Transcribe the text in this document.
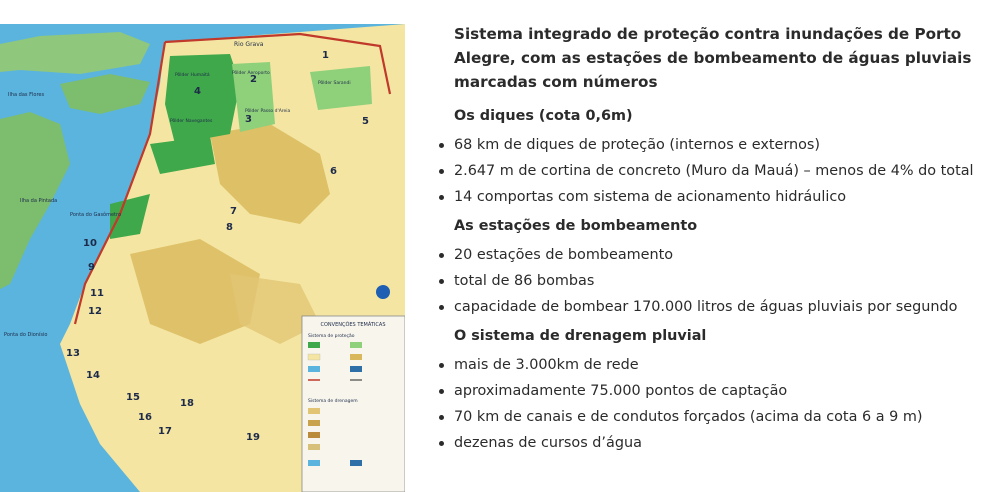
CONVENÇÕES TEMÁTICAS
Sistema de proteção
Sistema de drenagem
Rio Grava
Ilha das Flores
Ilha da Pintada
Ponta do Gasômetro
Ponta do Dionísio
Pôlder Humaitá	Pôlder Aeroporto
Pôlder Sarandi
Pôlder Navegantes
Pôlder Passo d'Areia
1
2
3
4
5
6
7
8
9
10
11
12
13
14
15
16
17
18
19
Sistema integrado de proteção contra inundações de Porto Alegre, com as estações de bombeamento de águas pluviais marcadas com números
Os diques (cota 0,6m)
68 km de diques de proteção (internos e externos)
2.647 m de cortina de concreto (Muro da Mauá) – menos de 4% do total
14 comportas com sistema de acionamento hidráulico
As estações de bombeamento
20 estações de bombeamento
total de 86 bombas
capacidade de bombear 170.000 litros de águas pluviais por segundo
O sistema de drenagem pluvial
mais de 3.000km de rede
aproximadamente 75.000 pontos de captação
70 km de canais e de condutos forçados (acima da cota 6 a 9 m)
dezenas de cursos d’água
